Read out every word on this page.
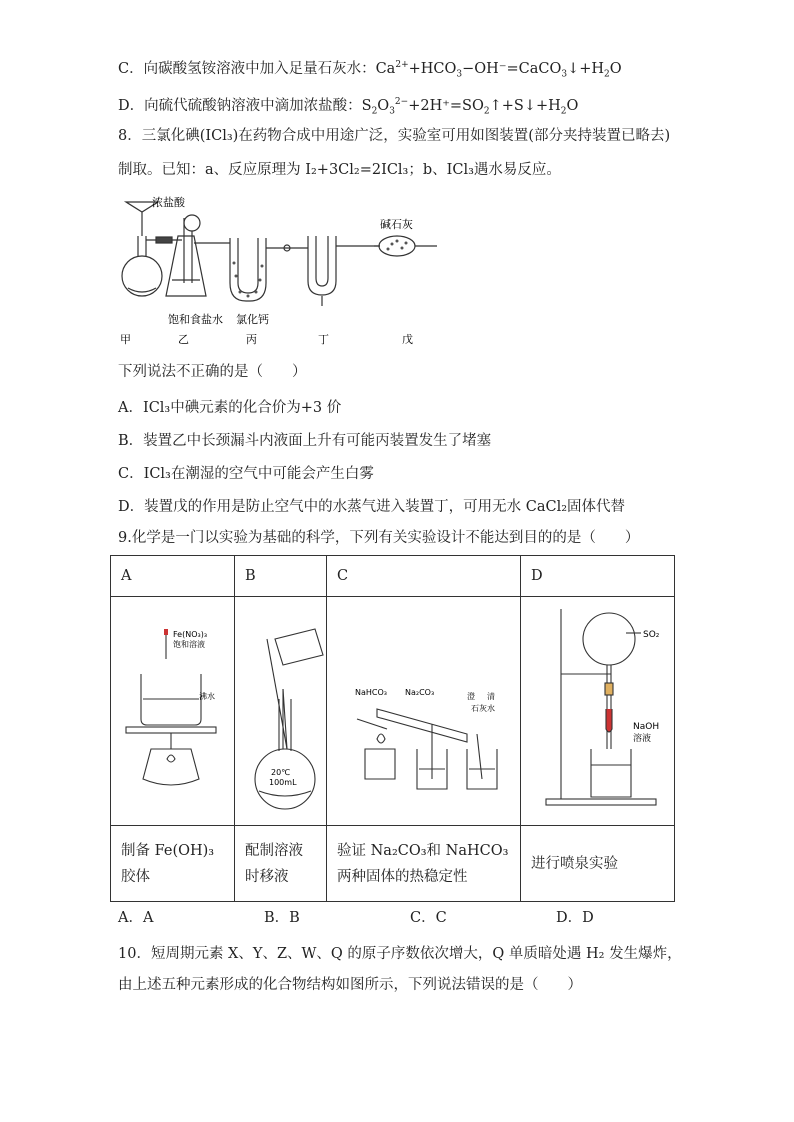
C．向碳酸氢铵溶液中加入足量石灰水：$Ca^{2+}+HCO_3-OH^-=CaCO_3↓+H_2O$
D．向硫代硫酸钠溶液中滴加浓盐酸：$S_2O_3^{2-}+2H^+=SO_2↑+S↓+H_2O$
8．三氯化碘(ICl₃)在药物合成中用途广泛，实验室可用如图装置(部分夹持装置已略去)
制取。已知：a、反应原理为 I₂+3Cl₂=2ICl₃；b、ICl₃遇水易反应。
浓盐酸
碱石灰
饱和食盐水 氯化钙
甲	乙	丙	丁	戊
下列说法不正确的是（　　）
A．ICl₃中碘元素的化合价为+3 价
B．装置乙中长颈漏斗内液面上升有可能丙装置发生了堵塞
C．ICl₃在潮湿的空气中可能会产生白雾
D．装置戊的作用是防止空气中的水蒸气进入装置丁，可用无水 CaCl₂固体代替
9.化学是一门以实验为基础的科学，下列有关实验设计不能达到目的的是（　　）
A	B	C	D

Fe(NO₃)₃
饱和溶液
沸水	20℃
100mL	NaHCO₃ Na₂CO₃ 澄 清
石灰水	SO₂
NaOH
溶液

制备 Fe(OH)₃胶体	配制溶液时移液	验证 Na₂CO₃和 NaHCO₃两种固体的热稳定性	进行喷泉实验
A．A	B．B	C．C	D．D
10．短周期元素 X、Y、Z、W、Q 的原子序数依次增大，Q 单质暗处遇 H₂ 发生爆炸，
由上述五种元素形成的化合物结构如图所示，下列说法错误的是（　　）
